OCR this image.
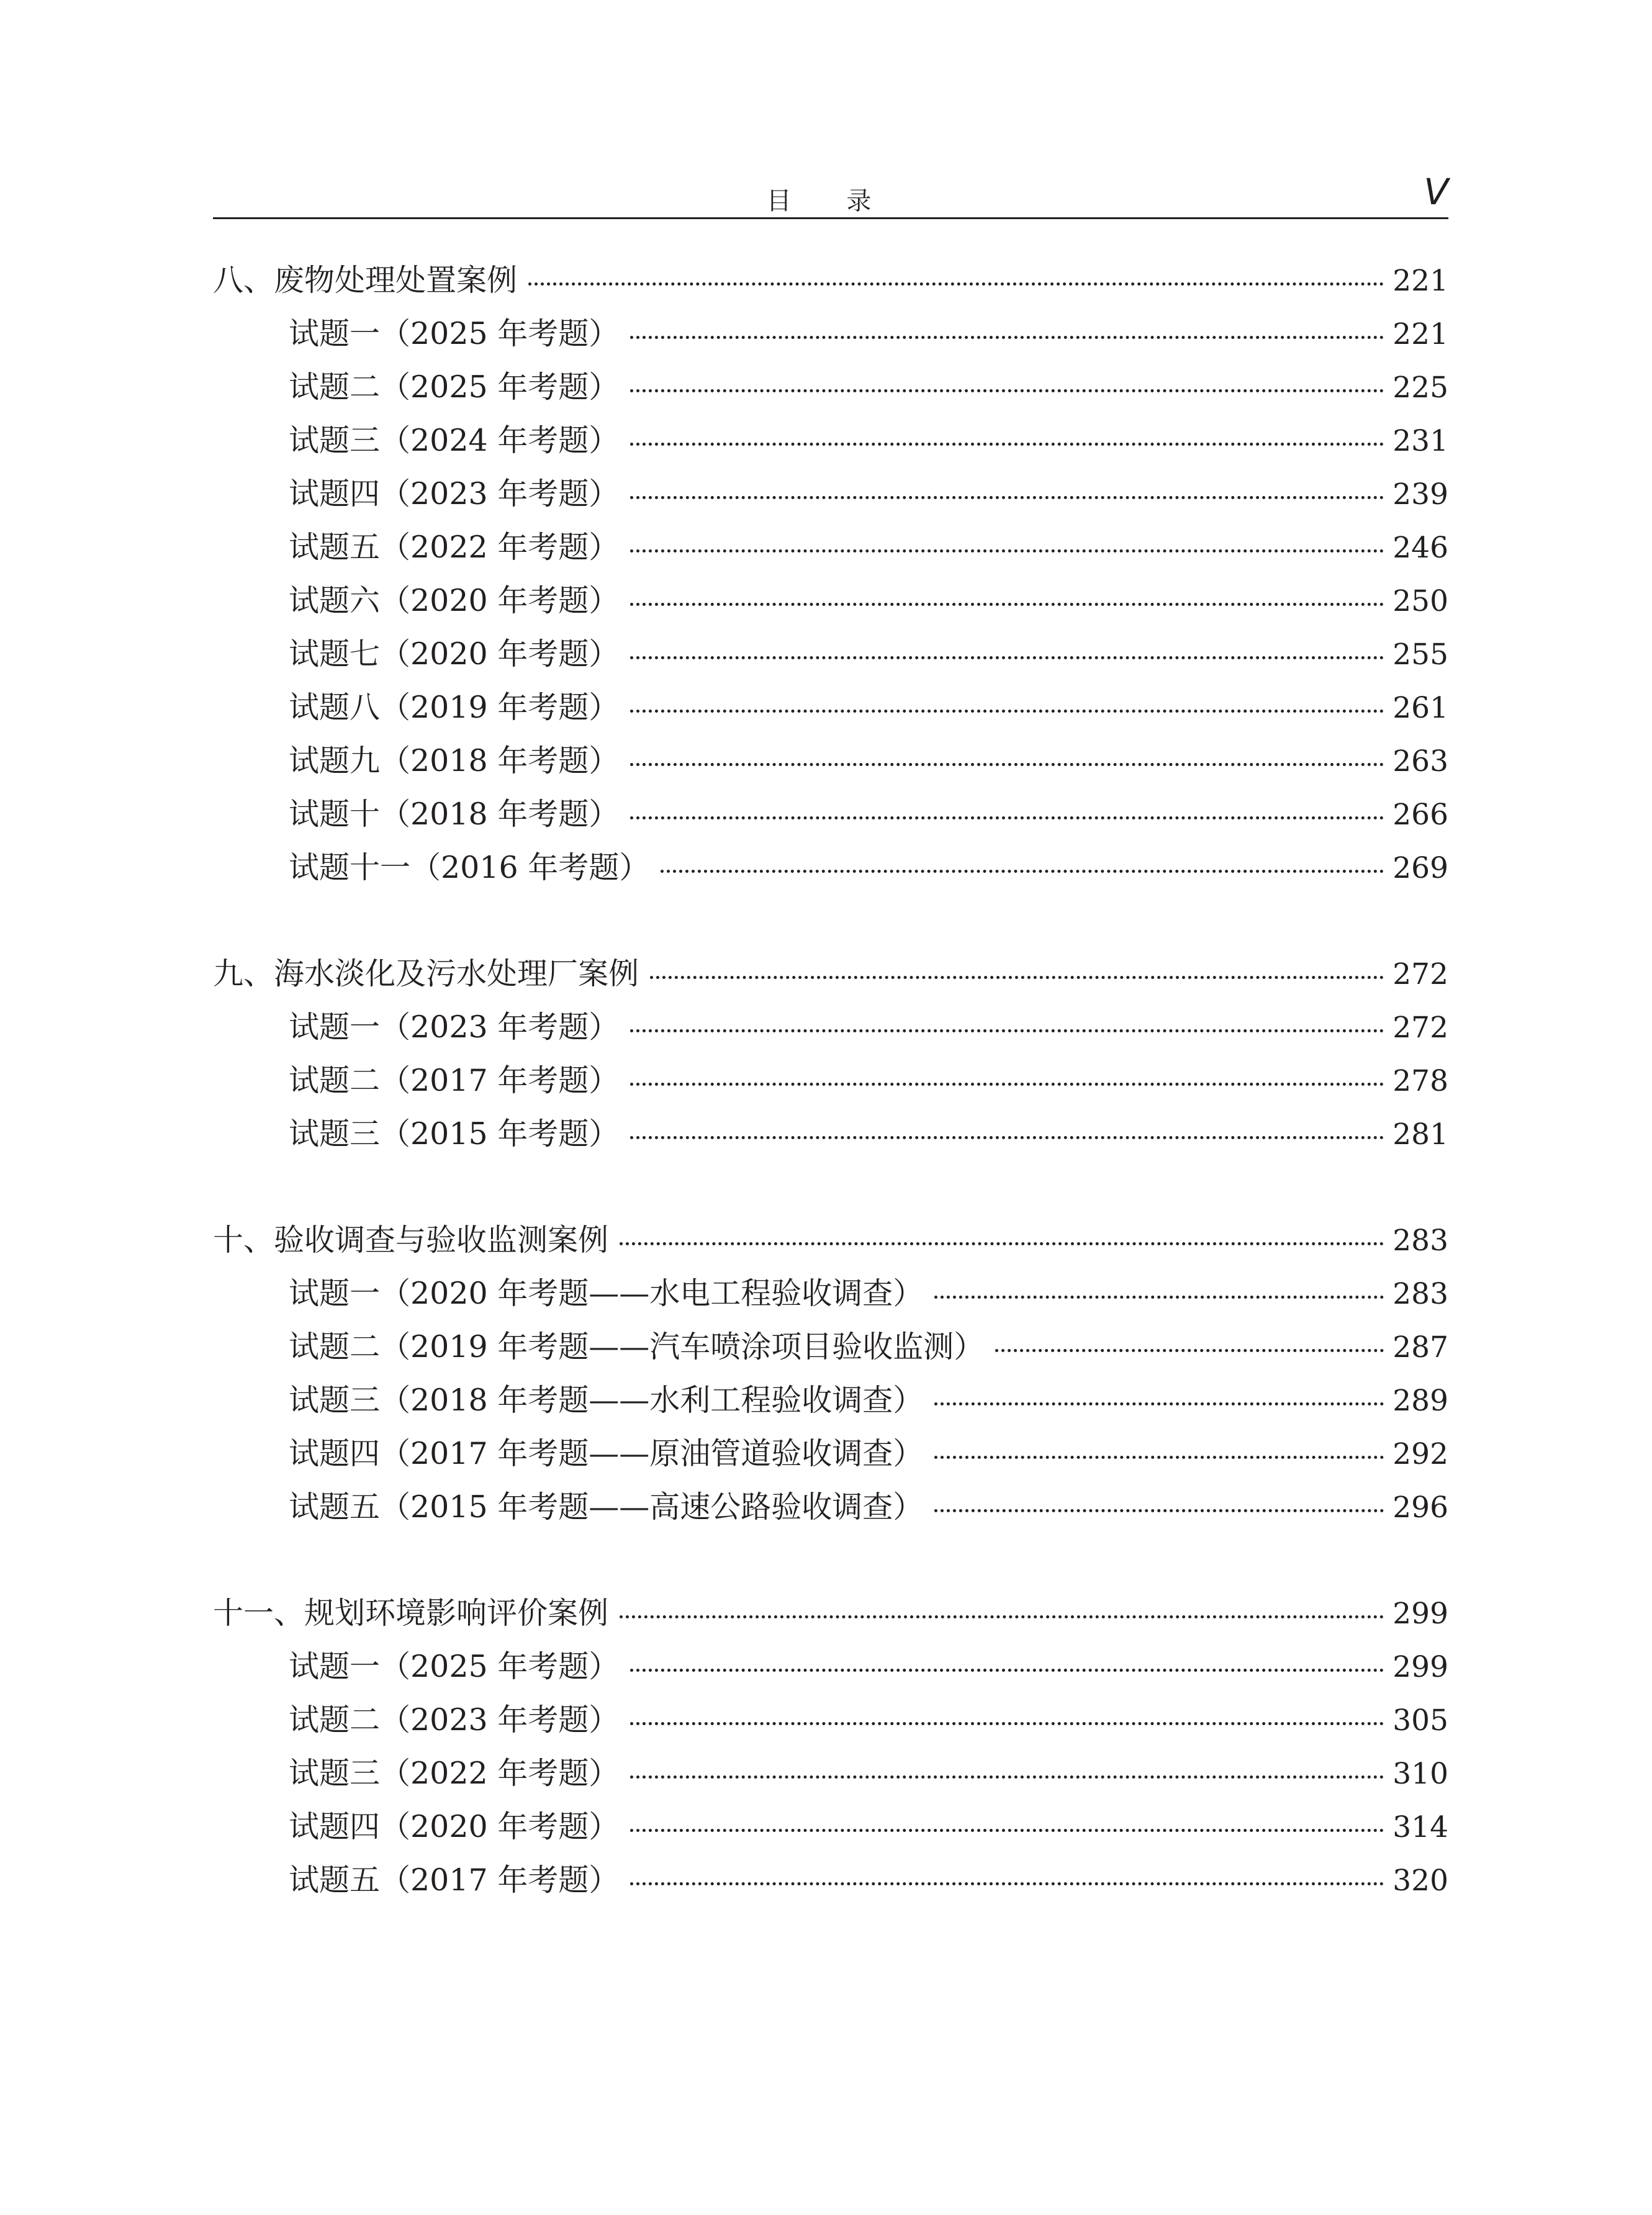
目 录	V
八、废物处理处置案例	221
试题一（2025 年考题）	221
试题二（2025 年考题）	225
试题三（2024 年考题）	231
试题四（2023 年考题）	239
试题五（2022 年考题）	246
试题六（2020 年考题）	250
试题七（2020 年考题）	255
试题八（2019 年考题）	261
试题九（2018 年考题）	263
试题十（2018 年考题）	266
试题十一（2016 年考题）	269
九、海水淡化及污水处理厂案例	272
试题一（2023 年考题）	272
试题二（2017 年考题）	278
试题三（2015 年考题）	281
十、验收调查与验收监测案例	283
试题一（2020 年考题——水电工程验收调查）	283
试题二（2019 年考题——汽车喷涂项目验收监测）	287
试题三（2018 年考题——水利工程验收调查）	289
试题四（2017 年考题——原油管道验收调查）	292
试题五（2015 年考题——高速公路验收调查）	296
十一、规划环境影响评价案例	299
试题一（2025 年考题）	299
试题二（2023 年考题）	305
试题三（2022 年考题）	310
试题四（2020 年考题）	314
试题五（2017 年考题）	320
